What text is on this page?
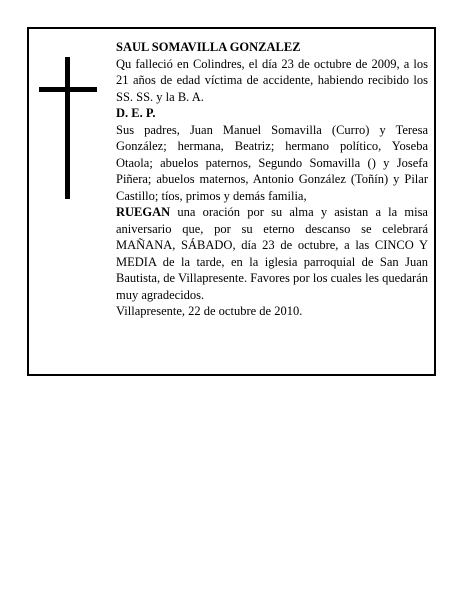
SAUL SOMAVILLA GONZALEZ

Qu falleció en Colindres, el día 23 de octubre de 2009, a los 21 años de edad víctima de accidente, habiendo recibido los SS. SS. y la B. A.

D. E. P.

Sus padres, Juan Manuel Somavilla (Curro) y Teresa González; hermana, Beatriz; hermano político, Yoseba Otaola; abuelos paternos, Segundo Somavilla () y Josefa Piñera; abuelos maternos, Antonio González (Toñín) y Pilar Castillo; tíos, primos y demás familia,

RUEGAN una oración por su alma y asistan a la misa aniversario que, por su eterno descanso se celebrará MAÑANA, SÁBADO, día 23 de octubre, a las CINCO Y MEDIA de la tarde, en la iglesia parroquial de San Juan Bautista, de Villapresente. Favores por los cuales les quedarán muy agradecidos.

Villapresente, 22 de octubre de 2010.
